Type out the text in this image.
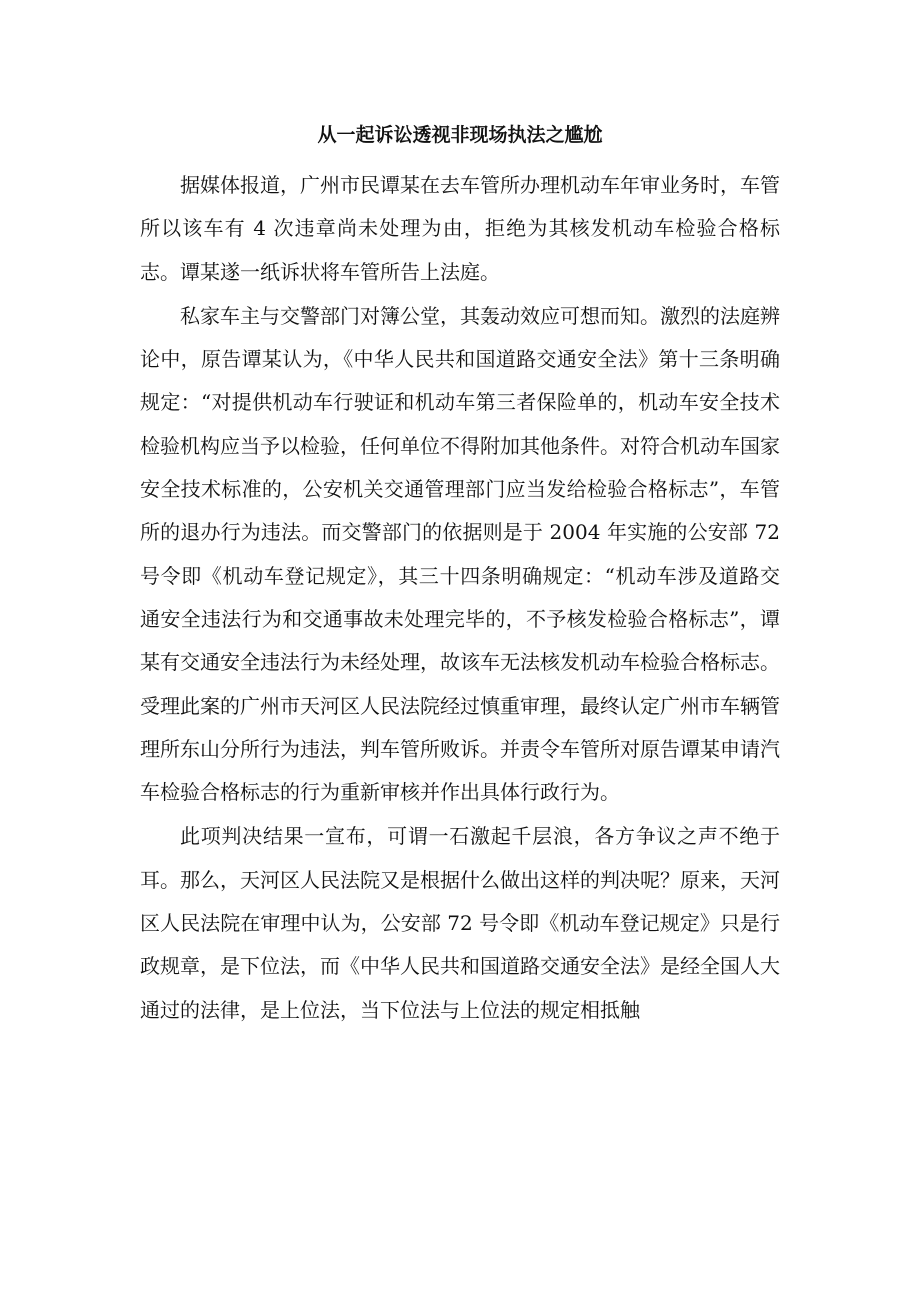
从一起诉讼透视非现场执法之尴尬

据媒体报道，广州市民谭某在去车管所办理机动车年审业务时，车管所以该车有 4 次违章尚未处理为由，拒绝为其核发机动车检验合格标志。谭某遂一纸诉状将车管所告上法庭。

私家车主与交警部门对簿公堂，其轰动效应可想而知。激烈的法庭辨论中，原告谭某认为，《中华人民共和国道路交通安全法》第十三条明确规定：“对提供机动车行驶证和机动车第三者保险单的，机动车安全技术检验机构应当予以检验，任何单位不得附加其他条件。对符合机动车国家安全技术标准的，公安机关交通管理部门应当发给检验合格标志”，车管所的退办行为违法。而交警部门的依据则是于 2004 年实施的公安部 72 号令即《机动车登记规定》，其三十四条明确规定：“机动车涉及道路交通安全违法行为和交通事故未处理完毕的，不予核发检验合格标志”，谭某有交通安全违法行为未经处理，故该车无法核发机动车检验合格标志。受理此案的广州市天河区人民法院经过慎重审理，最终认定广州市车辆管理所东山分所行为违法，判车管所败诉。并责令车管所对原告谭某申请汽车检验合格标志的行为重新审核并作出具体行政行为。

此项判决结果一宣布，可谓一石激起千层浪，各方争议之声不绝于耳。那么，天河区人民法院又是根据什么做出这样的判决呢？原来，天河区人民法院在审理中认为，公安部 72 号令即《机动车登记规定》只是行政规章，是下位法，而《中华人民共和国道路交通安全法》是经全国人大通过的法律，是上位法，当下位法与上位法的规定相抵触
